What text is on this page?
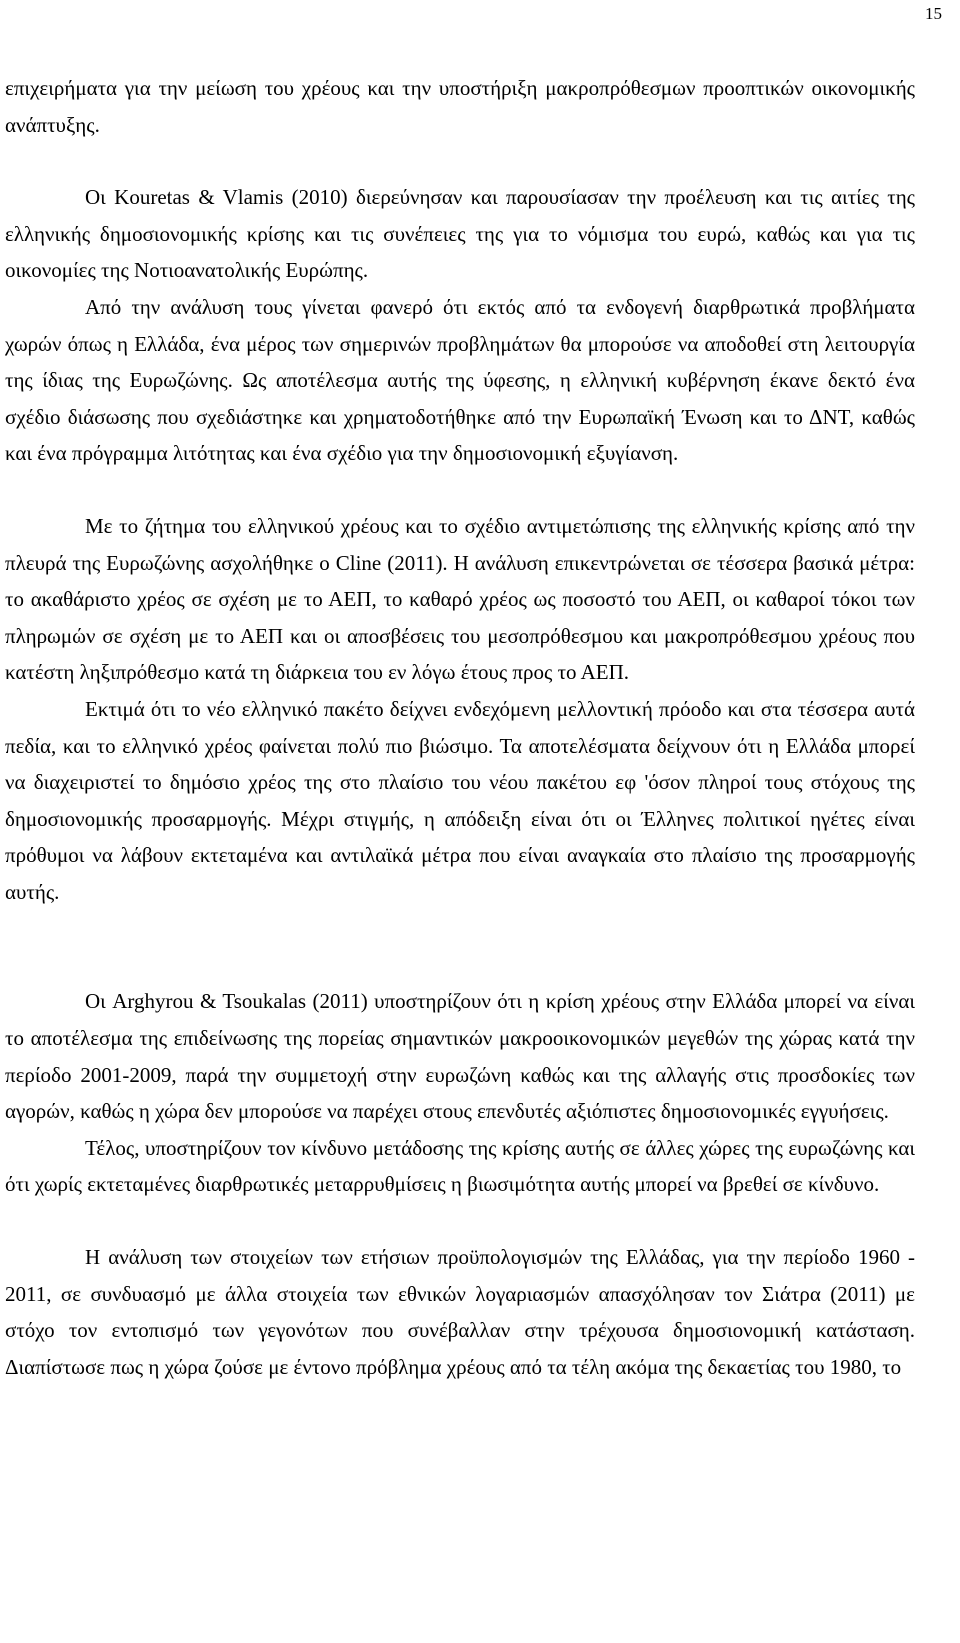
15

επιχειρήματα για την μείωση του χρέους και την υποστήριξη μακροπρόθεσμων προοπτικών οικονομικής ανάπτυξης.

Οι Kouretas & Vlamis (2010) διερεύνησαν και παρουσίασαν την προέλευση και τις αιτίες της ελληνικής δημοσιονομικής κρίσης και τις συνέπειες της για το νόμισμα του ευρώ, καθώς και για τις οικονομίες της Νοτιοανατολικής Ευρώπης.

Από την ανάλυση τους γίνεται φανερό ότι εκτός από τα ενδογενή διαρθρωτικά προβλήματα χωρών όπως η Ελλάδα, ένα μέρος των σημερινών προβλημάτων θα μπορούσε να αποδοθεί στη λειτουργία της ίδιας της Ευρωζώνης. Ως αποτέλεσμα αυτής της ύφεσης, η ελληνική κυβέρνηση έκανε δεκτό ένα σχέδιο διάσωσης που σχεδιάστηκε και χρηματοδοτήθηκε από την Ευρωπαϊκή Ένωση και το ΔΝΤ, καθώς και ένα πρόγραμμα λιτότητας και ένα σχέδιο για την δημοσιονομική εξυγίανση.

Με το ζήτημα του ελληνικού χρέους και το σχέδιο αντιμετώπισης της ελληνικής κρίσης από την πλευρά της Ευρωζώνης ασχολήθηκε ο Cline (2011). Η ανάλυση επικεντρώνεται σε τέσσερα βασικά μέτρα: το ακαθάριστο χρέος σε σχέση με το ΑΕΠ, το καθαρό χρέος ως ποσοστό του ΑΕΠ, οι καθαροί τόκοι των πληρωμών σε σχέση με το ΑΕΠ και οι αποσβέσεις του μεσοπρόθεσμου και μακροπρόθεσμου χρέους που κατέστη ληξιπρόθεσμο κατά τη διάρκεια του εν λόγω έτους προς το ΑΕΠ.

Εκτιμά ότι το νέο ελληνικό πακέτο δείχνει ενδεχόμενη μελλοντική πρόοδο και στα τέσσερα αυτά πεδία, και το ελληνικό χρέος φαίνεται πολύ πιο βιώσιμο. Τα αποτελέσματα δείχνουν ότι η Ελλάδα μπορεί να διαχειριστεί το δημόσιο χρέος της στο πλαίσιο του νέου πακέτου εφ 'όσον πληροί τους στόχους της δημοσιονομικής προσαρμογής. Μέχρι στιγμής, η απόδειξη είναι ότι οι Έλληνες πολιτικοί ηγέτες είναι πρόθυμοι να λάβουν εκτεταμένα και αντιλαϊκά μέτρα που είναι αναγκαία στο πλαίσιο της προσαρμογής αυτής.

Οι Arghyrou & Tsoukalas (2011) υποστηρίζουν ότι η κρίση χρέους στην Ελλάδα μπορεί να είναι το αποτέλεσμα της επιδείνωσης της πορείας σημαντικών μακροοικονομικών μεγεθών της χώρας κατά την περίοδο 2001-2009, παρά την συμμετοχή στην ευρωζώνη καθώς και της αλλαγής στις προσδοκίες των αγορών, καθώς η χώρα δεν μπορούσε να παρέχει στους επενδυτές αξιόπιστες δημοσιονομικές εγγυήσεις.

Τέλος, υποστηρίζουν τον κίνδυνο μετάδοσης της κρίσης αυτής σε άλλες χώρες της ευρωζώνης και ότι χωρίς εκτεταμένες διαρθρωτικές μεταρρυθμίσεις η βιωσιμότητα αυτής μπορεί να βρεθεί σε κίνδυνο.

Η ανάλυση των στοιχείων των ετήσιων προϋπολογισμών της Ελλάδας, για την περίοδο 1960 - 2011, σε συνδυασμό με άλλα στοιχεία των εθνικών λογαριασμών απασχόλησαν τον Σιάτρα (2011) με στόχο τον εντοπισμό των γεγονότων που συνέβαλλαν στην τρέχουσα δημοσιονομική κατάσταση. Διαπίστωσε πως η χώρα ζούσε με έντονο πρόβλημα χρέους από τα τέλη ακόμα της δεκαετίας του 1980, το
